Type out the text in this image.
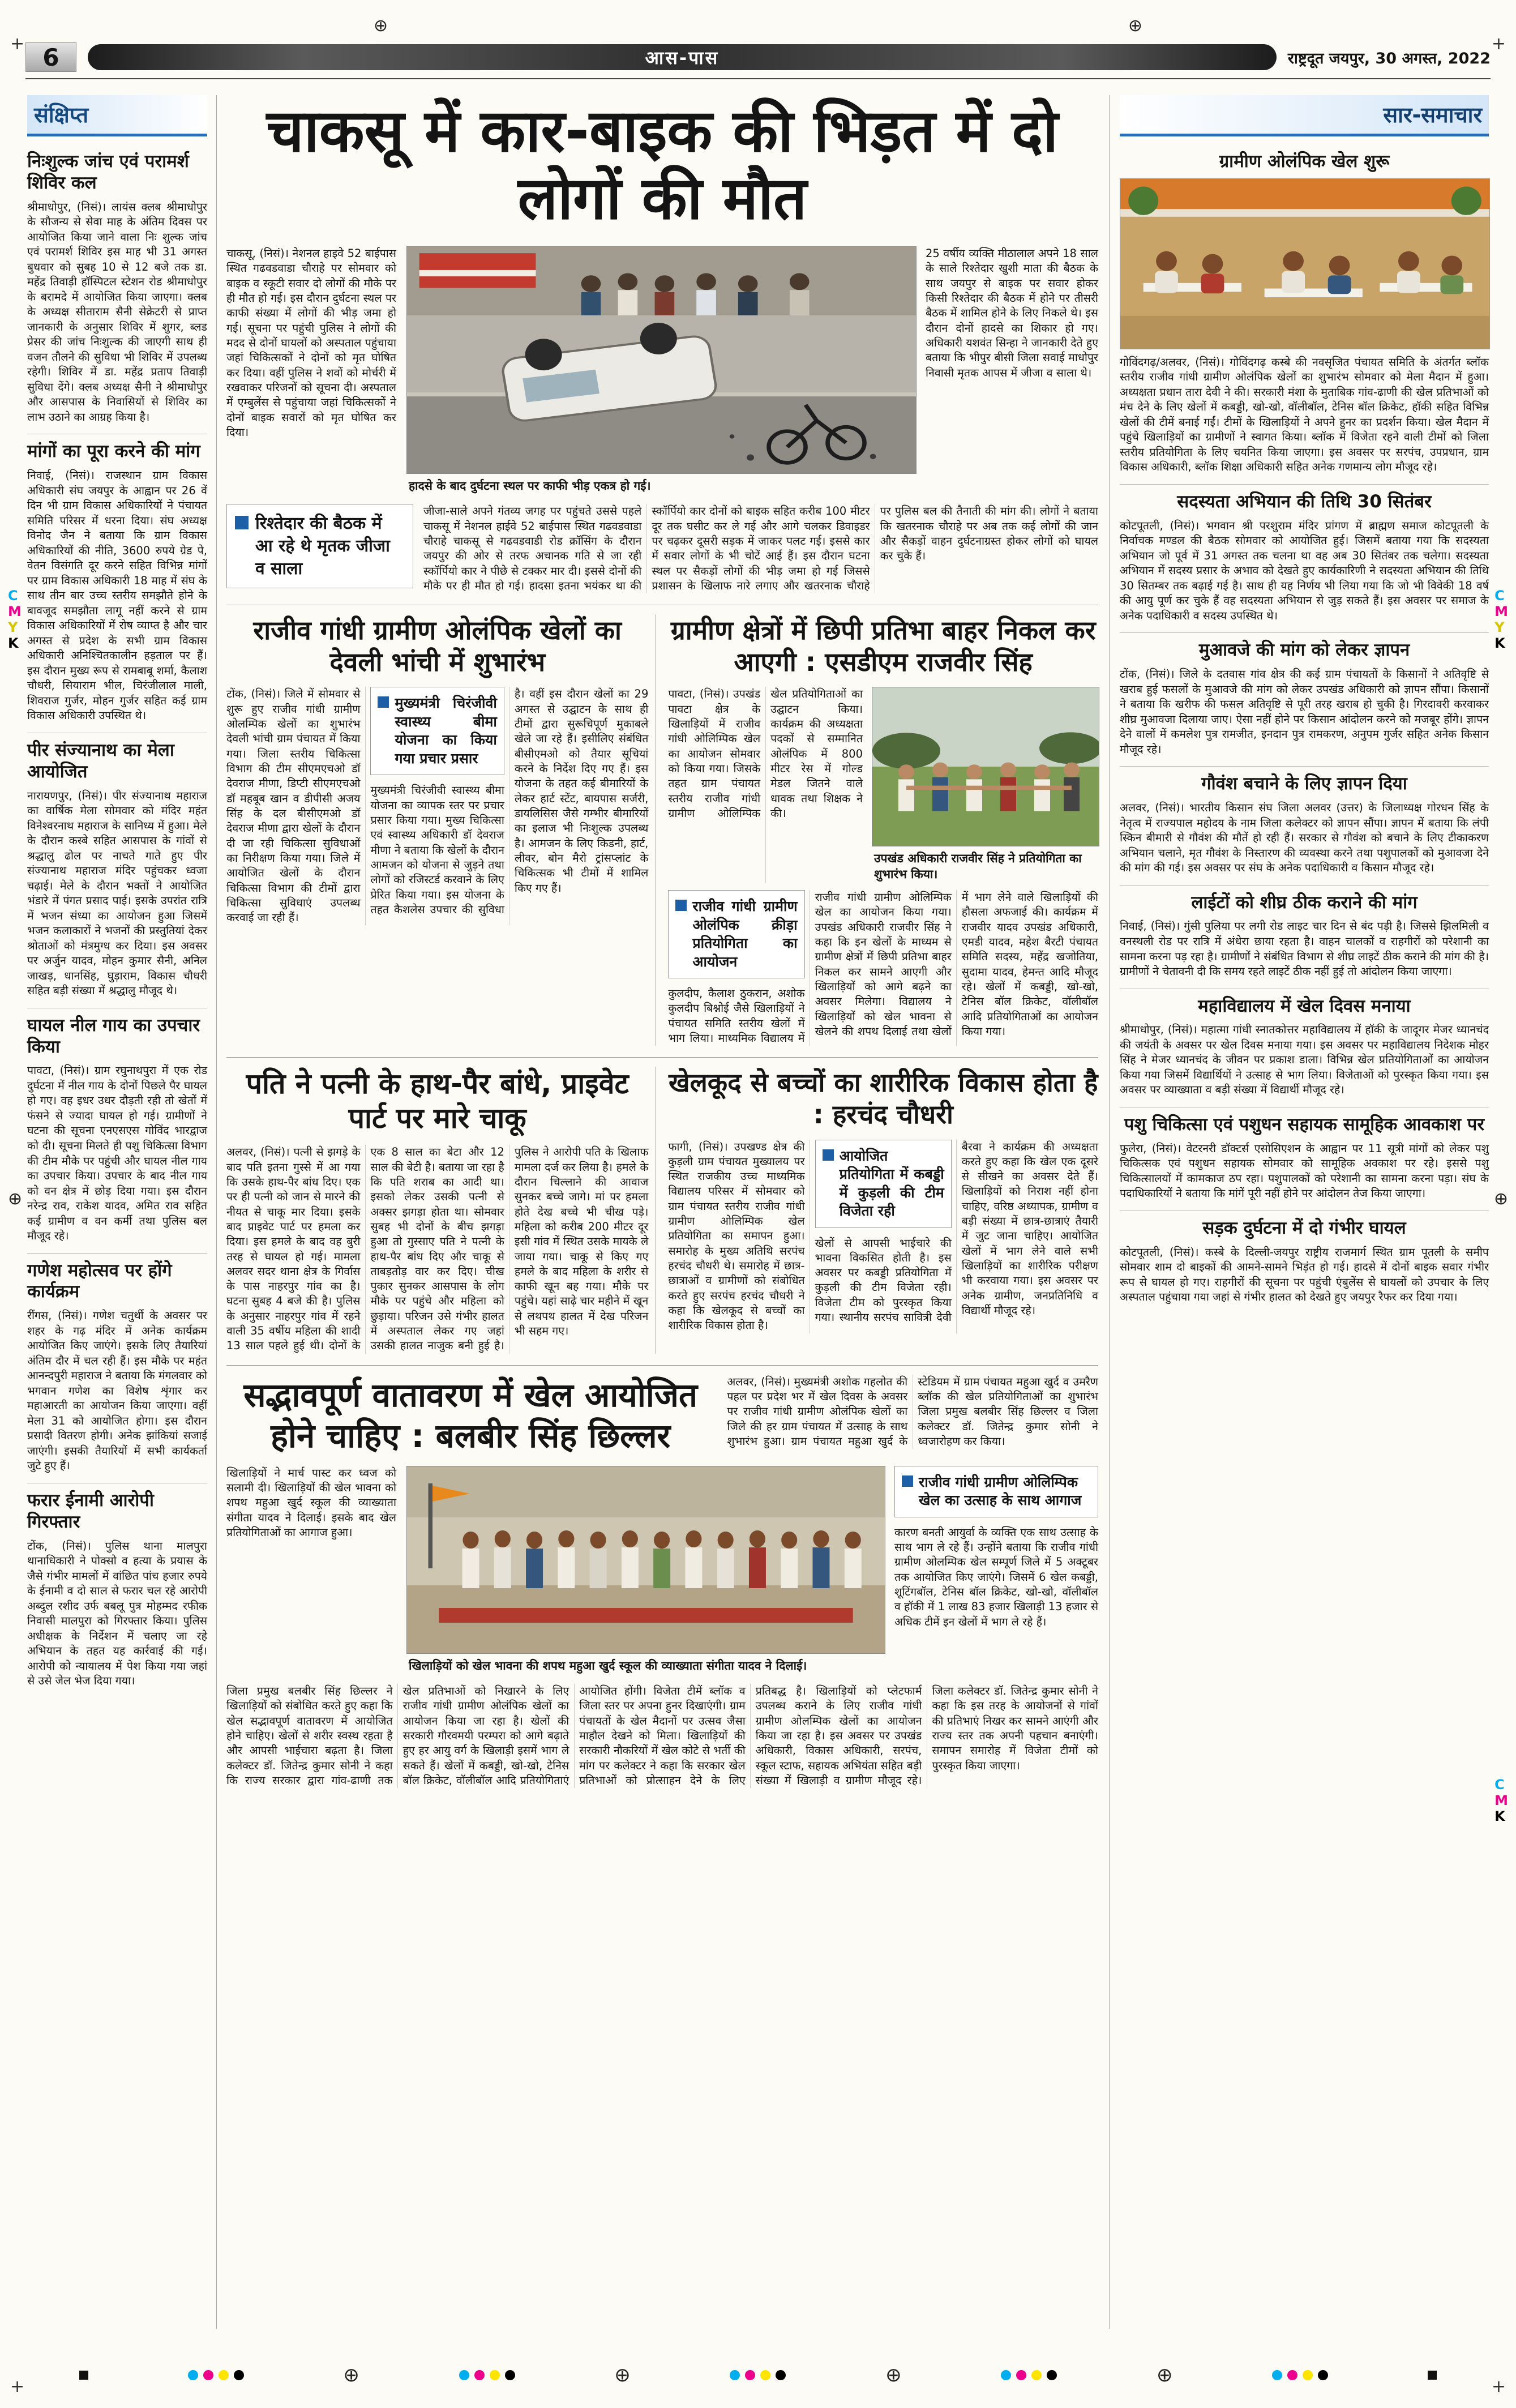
+	+
+	+
⊕	⊕
C
M
Y
K
C
M
Y
K
⊕	⊕
C
M
K
6	आस-पास	राष्ट्रदूत जयपुर, 30 अगस्त, 2022
संक्षिप्त
निःशुल्क जांच एवं परामर्श शिविर कल

श्रीमाधोपुर, (निसं)। लायंस क्लब श्रीमाधोपुर के सौजन्य से सेवा माह के अंतिम दिवस पर आयोजित किया जाने वाला निः शुल्क जांच एवं परामर्श शिविर इस माह भी 31 अगस्त बुधवार को सुबह 10 से 12 बजे तक डा. महेंद्र तिवाड़ी हॉस्पिटल स्टेशन रोड श्रीमाधोपुर के बरामदे में आयोजित किया जाएगा। क्लब के अध्यक्ष सीताराम सैनी सेक्रेटरी से प्राप्त जानकारी के अनुसार शिविर में शुगर, ब्लड प्रेसर की जांच निःशुल्क की जाएगी साथ ही वजन तौलने की सुविधा भी शिविर में उपलब्ध रहेगी। शिविर में डा. महेंद्र प्रताप तिवाड़ी सुविधा देंगे। क्लब अध्यक्ष सैनी ने श्रीमाधोपुर और आसपास के निवासियों से शिविर का लाभ उठाने का आग्रह किया है।

मांगों का पूरा करने की मांग

निवाई, (निसं)। राजस्थान ग्राम विकास अधिकारी संघ जयपुर के आह्वान पर 26 वें दिन भी ग्राम विकास अधिकारियों ने पंचायत समिति परिसर में धरना दिया। संघ अध्यक्ष विनोद जैन ने बताया कि ग्राम विकास अधिकारियों की नीति, 3600 रुपये ग्रेड पे, वेतन विसंगति दूर करने सहित विभिन्न मांगों पर ग्राम विकास अधिकारी 18 माह में संघ के साथ तीन बार उच्च स्तरीय समझौते होने के बावजूद समझौता लागू नहीं करने से ग्राम विकास अधिकारियों में रोष व्याप्त है और चार अगस्त से प्रदेश के सभी ग्राम विकास अधिकारी अनिश्चितकालीन हड़ताल पर हैं। इस दौरान मुख्य रूप से रामबाबू शर्मा, कैलाश चौधरी, सियाराम भील, चिरंजीलाल माली, शिवराज गुर्जर, मोहन गुर्जर सहित कई ग्राम विकास अधिकारी उपस्थित थे।

पीर संज्यानाथ का मेला आयोजित

नारायणपुर, (निसं)। पीर संज्यानाथ महाराज का वार्षिक मेला सोमवार को मंदिर महंत विनेश्वरनाथ महाराज के सानिध्य में हुआ। मेले के दौरान कस्बे सहित आसपास के गांवों से श्रद्धालु ढोल पर नाचते गाते हुए पीर संज्यानाथ महाराज मंदिर पहुंचकर ध्वजा चढ़ाई। मेले के दौरान भक्तों ने आयोजित भंडारे में पंगत प्रसाद पाई। इसके उपरांत रात्रि में भजन संध्या का आयोजन हुआ जिसमें भजन कलाकारों ने भजनों की प्रस्तुतियां देकर श्रोताओं को मंत्रमुग्ध कर दिया। इस अवसर पर अर्जुन यादव, मोहन कुमार सैनी, अनिल जाखड़, धानसिंह, घुड़ाराम, विकास चौधरी सहित बड़ी संख्या में श्रद्धालु मौजूद थे।

घायल नील गाय का उपचार किया

पावटा, (निसं)। ग्राम रघुनाथपुरा में एक रोड दुर्घटना में नील गाय के दोनों पिछले पैर घायल हो गए। वह इधर उधर दौड़ती रही तो खेतों में फंसने से ज्यादा घायल हो गई। ग्रामीणों ने घटना की सूचना एनएसएस गोविंद भारद्वाज को दी। सूचना मिलते ही पशु चिकित्सा विभाग की टीम मौके पर पहुंची और घायल नील गाय का उपचार किया। उपचार के बाद नील गाय को वन क्षेत्र में छोड़ दिया गया। इस दौरान नरेन्द्र राव, राकेश यादव, अमित राव सहित कई ग्रामीण व वन कर्मी तथा पुलिस बल मौजूद रहे।

गणेश महोत्सव पर होंगे कार्यक्रम

रींगस, (निसं)। गणेश चतुर्थी के अवसर पर शहर के गढ़ मंदिर में अनेक कार्यक्रम आयोजित किए जाएंगे। इसके लिए तैयारियां अंतिम दौर में चल रही हैं। इस मौके पर महंत आनन्दपुरी महाराज ने बताया कि मंगलवार को भगवान गणेश का विशेष शृंगार कर महाआरती का आयोजन किया जाएगा। वहीं मेला 31 को आयोजित होगा। इस दौरान प्रसादी वितरण होगी। अनेक झांकियां सजाई जाएंगी। इसकी तैयारियों में सभी कार्यकर्ता जुटे हुए हैं।

फरार ईनामी आरोपी गिरफ्तार

टोंक, (निसं)। पुलिस थाना मालपुरा थानाधिकारी ने पोक्सो व हत्या के प्रयास के जैसे गंभीर मामलों में वांछित पांच हजार रुपये के ईनामी व दो साल से फरार चल रहे आरोपी अब्दुल रशीद उर्फ बबलू पुत्र मोहम्मद रफीक निवासी मालपुरा को गिरफ्तार किया। पुलिस अधीक्षक के निर्देशन में चलाए जा रहे अभियान के तहत यह कार्रवाई की गई। आरोपी को न्यायालय में पेश किया गया जहां से उसे जेल भेज दिया गया।

सार-समाचार
ग्रामीण ओलंपिक खेल शुरू

गोविंदगढ़/अलवर, (निसं)। गोविंदगढ़ कस्बे की नवसृजित पंचायत समिति के अंतर्गत ब्लॉक स्तरीय राजीव गांधी ग्रामीण ओलंपिक खेलों का शुभारंभ सोमवार को मेला मैदान में हुआ। अध्यक्षता प्रधान तारा देवी ने की। सरकारी मंशा के मुताबिक गांव-ढाणी की खेल प्रतिभाओं को मंच देने के लिए खेलों में कबड्डी, खो-खो, वॉलीबॉल, टेनिस बॉल क्रिकेट, हॉकी सहित विभिन्न खेलों की टीमें बनाई गईं। टीमों के खिलाड़ियों ने अपने हुनर का प्रदर्शन किया। खेल मैदान में पहुंचे खिलाड़ियों का ग्रामीणों ने स्वागत किया। ब्लॉक में विजेता रहने वाली टीमों को जिला स्तरीय प्रतियोगिता के लिए चयनित किया जाएगा। इस अवसर पर सरपंच, उपप्रधान, ग्राम विकास अधिकारी, ब्लॉक शिक्षा अधिकारी सहित अनेक गणमान्य लोग मौजूद रहे।

सदस्यता अभियान की तिथि 30 सितंबर

कोटपूतली, (निसं)। भगवान श्री परशुराम मंदिर प्रांगण में ब्राह्मण समाज कोटपूतली के निर्वाचक मण्डल की बैठक सोमवार को आयोजित हुई। जिसमें बताया गया कि सदस्यता अभियान जो पूर्व में 31 अगस्त तक चलना था वह अब 30 सितंबर तक चलेगा। सदस्यता अभियान में सदस्य प्रसार के अभाव को देखते हुए कार्यकारिणी ने सदस्यता अभियान की तिथि 30 सितम्बर तक बढ़ाई गई है। साथ ही यह निर्णय भी लिया गया कि जो भी विवेकी 18 वर्ष की आयु पूर्ण कर चुके हैं वह सदस्यता अभियान से जुड़ सकते हैं। इस अवसर पर समाज के अनेक पदाधिकारी व सदस्य उपस्थित थे।

मुआवजे की मांग को लेकर ज्ञापन

टोंक, (निसं)। जिले के दतवास गांव क्षेत्र की कई ग्राम पंचायतों के किसानों ने अतिवृष्टि से खराब हुई फसलों के मुआवजे की मांग को लेकर उपखंड अधिकारी को ज्ञापन सौंपा। किसानों ने बताया कि खरीफ की फसल अतिवृष्टि से पूरी तरह खराब हो चुकी है। गिरदावरी करवाकर शीघ्र मुआवजा दिलाया जाए। ऐसा नहीं होने पर किसान आंदोलन करने को मजबूर होंगे। ज्ञापन देने वालों में कमलेश पुत्र रामजीत, इनदान पुत्र रामकरण, अनुपम गुर्जर सहित अनेक किसान मौजूद रहे।

गौवंश बचाने के लिए ज्ञापन दिया

अलवर, (निसं)। भारतीय किसान संघ जिला अलवर (उत्तर) के जिलाध्यक्ष गोरधन सिंह के नेतृत्व में राज्यपाल महोदय के नाम जिला कलेक्टर को ज्ञापन सौंपा। ज्ञापन में बताया कि लंपी स्किन बीमारी से गौवंश की मौतें हो रही हैं। सरकार से गौवंश को बचाने के लिए टीकाकरण अभियान चलाने, मृत गौवंश के निस्तारण की व्यवस्था करने तथा पशुपालकों को मुआवजा देने की मांग की गई। इस अवसर पर संघ के अनेक पदाधिकारी व किसान मौजूद रहे।

लाईटों को शीघ्र ठीक कराने की मांग

निवाई, (निसं)। गुंसी पुलिया पर लगी रोड लाइट चार दिन से बंद पड़ी है। जिससे झिलमिली व वनस्थली रोड पर रात्रि में अंधेरा छाया रहता है। वाहन चालकों व राहगीरों को परेशानी का सामना करना पड़ रहा है। ग्रामीणों ने संबंधित विभाग से शीघ्र लाइटें ठीक कराने की मांग की है। ग्रामीणों ने चेतावनी दी कि समय रहते लाइटें ठीक नहीं हुई तो आंदोलन किया जाएगा।

महाविद्यालय में खेल दिवस मनाया

श्रीमाधोपुर, (निसं)। महात्मा गांधी स्नातकोत्तर महाविद्यालय में हॉकी के जादूगर मेजर ध्यानचंद की जयंती के अवसर पर खेल दिवस मनाया गया। इस अवसर पर महाविद्यालय निदेशक मोहर सिंह ने मेजर ध्यानचंद के जीवन पर प्रकाश डाला। विभिन्न खेल प्रतियोगिताओं का आयोजन किया गया जिसमें विद्यार्थियों ने उत्साह से भाग लिया। विजेताओं को पुरस्कृत किया गया। इस अवसर पर व्याख्याता व बड़ी संख्या में विद्यार्थी मौजूद रहे।

पशु चिकित्सा एवं पशुधन सहायक सामूहिक आवकाश पर

फुलेरा, (निसं)। वेटरनरी डॉक्टर्स एसोसिएशन के आह्वान पर 11 सूत्री मांगों को लेकर पशु चिकित्सक एवं पशुधन सहायक सोमवार को सामूहिक अवकाश पर रहे। इससे पशु चिकित्सालयों में कामकाज ठप रहा। पशुपालकों को परेशानी का सामना करना पड़ा। संघ के पदाधिकारियों ने बताया कि मांगें पूरी नहीं होने पर आंदोलन तेज किया जाएगा।

सड़क दुर्घटना में दो गंभीर घायल

कोटपूतली, (निसं)। कस्बे के दिल्ली-जयपुर राष्ट्रीय राजमार्ग स्थित ग्राम पूतली के समीप सोमवार शाम दो बाइकों की आमने-सामने भिड़ंत हो गई। हादसे में दोनों बाइक सवार गंभीर रूप से घायल हो गए। राहगीरों की सूचना पर पहुंची एंबुलेंस से घायलों को उपचार के लिए अस्पताल पहुंचाया गया जहां से गंभीर हालत को देखते हुए जयपुर रैफर कर दिया गया।

चाकसू में कार-बाइक की भिड़त में दो लोगों की मौत
चाकसू, (निसं)। नेशनल हाइवे 52 बाईपास स्थित गढवडवाडा चौराहे पर सोमवार को बाइक व स्कूटी सवार दो लोगों की मौके पर ही मौत हो गई। इस दौरान दुर्घटना स्थल पर काफी संख्या में लोगों की भीड़ जमा हो गई। सूचना पर पहुंची पुलिस ने लोगों की मदद से दोनों घायलों को अस्पताल पहुंचाया जहां चिकित्सकों ने दोनों को मृत घोषित कर दिया। वहीं पुलिस ने शवों को मोर्चरी में रखवाकर परिजनों को सूचना दी। अस्पताल में एम्बुलेंस से पहुंचाया जहां चिकित्सकों ने दोनों बाइक सवारों को मृत घोषित कर दिया।
हादसे के बाद दुर्घटना स्थल पर काफी भीड़ एकत्र हो गई।
25 वर्षीय व्यक्ति मीठालाल अपने 18 साल के साले रिश्तेदार खुशी माता की बैठक के साथ जयपुर से बाइक पर सवार होकर किसी रिश्तेदार की बैठक में होने पर तीसरी बैठक में शामिल होने के लिए निकले थे। इस दौरान दोनों हादसे का शिकार हो गए। अधिकारी यशवंत सिन्हा ने जानकारी देते हुए बताया कि भीपुर बीसी जिला सवाई माधोपुर निवासी मृतक आपस में जीजा व साला थे।
रिश्तेदार की बैठक में आ रहे थे मृतक जीजा व साला
जीजा-साले अपने गंतव्य जगह पर पहुंचते उससे पहले चाकसू में नेशनल हाईवे 52 बाईपास स्थित गढवडवाडा चौराहे चाकसू से गढवडवाडी रोड क्रॉसिंग के दौरान जयपुर की ओर से तरफ अचानक गति से जा रही स्कॉर्पियो कार ने पीछे से टक्कर मार दी। इससे दोनों की मौके पर ही मौत हो गई। हादसा इतना भयंकर था की स्कॉर्पियो कार दोनों को बाइक सहित करीब 100 मीटर दूर तक घसीट कर ले गई और आगे चलकर डिवाइडर पर चढ़कर दूसरी सड़क में जाकर पलट गई। इससे कार में सवार लोगों के भी चोटें आई हैं। इस दौरान घटना स्थल पर सैकड़ों लोगों की भीड़ जमा हो गई जिससे प्रशासन के खिलाफ नारे लगाए और खतरनाक चौराहे पर पुलिस बल की तैनाती की मांग की। लोगों ने बताया कि खतरनाक चौराहे पर अब तक कई लोगों की जान और सैकड़ों वाहन दुर्घटनाग्रस्त होकर लोगों को घायल कर चुके हैं।
राजीव गांधी ग्रामीण ओलंपिक खेलों का देवली भांची में शुभारंभ
टोंक, (निसं)। जिले में सोमवार से शुरू हुए राजीव गांधी ग्रामीण ओलम्पिक खेलों का शुभारंभ देवली भांची ग्राम पंचायत में किया गया। जिला स्तरीय चिकित्सा विभाग की टीम सीएमएचओ डॉ देवराज मीणा, डिप्टी सीएमएचओ डॉ महबूब खान व डीपीसी अजय सिंह के दल बीसीएमओ डॉ देवराज मीणा द्वारा खेलों के दौरान दी जा रही चिकित्सा सुविधाओं का निरीक्षण किया गया। जिले में आयोजित खेलों के दौरान चिकित्सा विभाग की टीमों द्वारा चिकित्सा सुविधाएं उपलब्ध करवाई जा रही हैं।
मुख्यमंत्री चिरंजीवी स्वास्थ्य बीमा योजना का किया गया प्रचार प्रसार
मुख्यमंत्री चिरंजीवी स्वास्थ्य बीमा योजना का व्यापक स्तर पर प्रचार प्रसार किया गया। मुख्य चिकित्सा एवं स्वास्थ्य अधिकारी डॉ देवराज मीणा ने बताया कि खेलों के दौरान आमजन को योजना से जुड़ने तथा लोगों को रजिस्टर्ड करवाने के लिए प्रेरित किया गया। इस योजना के तहत कैशलेस उपचार की सुविधा है। वहीं इस दौरान खेलों का 29 अगस्त से उद्घाटन के साथ ही टीमों द्वारा सुरूचिपूर्ण मुकाबले खेले जा रहे हैं। इसीलिए संबंधित बीसीएमओ को तैयार सूचियां करने के निर्देश दिए गए हैं। इस योजना के तहत कई बीमारियों के लेकर हार्ट स्टेंट, बायपास सर्जरी, डायलिसिस जैसे गम्भीर बीमारियों का इलाज भी निःशुल्क उपलब्ध है। आमजन के लिए किडनी, हार्ट, लीवर, बोन मैरो ट्रांसप्लांट के चिकित्सक भी टीमों में शामिल किए गए हैं।
ग्रामीण क्षेत्रों में छिपी प्रतिभा बाहर निकल कर आएगी : एसडीएम राजवीर सिंह
पावटा, (निसं)। उपखंड पावटा क्षेत्र के खिलाड़ियों में राजीव गांधी ओलिम्पिक खेल का आयोजन सोमवार को किया गया। जिसके तहत ग्राम पंचायत स्तरीय राजीव गांधी ग्रामीण ओलिम्पिक खेल प्रतियोगिताओं का उद्घाटन किया। कार्यक्रम की अध्यक्षता पदकों से सम्मानित ओलंपिक में 800 मीटर रेस में गोल्ड मेडल जितने वाले धावक तथा शिक्षक ने की।
उपखंड अधिकारी राजवीर सिंह ने प्रतियोगिता का शुभारंभ किया।
राजीव गांधी ग्रामीण ओलंपिक क्रीड़ा प्रतियोगिता का आयोजन
कुलदीप, कैलाश ठुकरान, अशोक कुलदीप बिश्नोई जैसे खिलाड़ियों ने पंचायत समिति स्तरीय खेलों में भाग लिया। माध्यमिक विद्यालय में राजीव गांधी ग्रामीण ओलिम्पिक खेल का आयोजन किया गया। उपखंड अधिकारी राजवीर सिंह ने कहा कि इन खेलों के माध्यम से ग्रामीण क्षेत्रों में छिपी प्रतिभा बाहर निकल कर सामने आएगी और खिलाड़ियों को आगे बढ़ने का अवसर मिलेगा। विद्यालय ने खिलाड़ियों को खेल भावना से खेलने की शपथ दिलाई तथा खेलों में भाग लेने वाले खिलाड़ियों की हौसला अफजाई की। कार्यक्रम में राजवीर यादव उपखंड अधिकारी, एमडी यादव, महेश बैरटी पंचायत समिति सदस्य, महेंद्र खजोतिया, सुदामा यादव, हेमन्त आदि मौजूद रहे। खेलों में कबड्डी, खो-खो, टेनिस बॉल क्रिकेट, वॉलीबॉल आदि प्रतियोगिताओं का आयोजन किया गया।
पति ने पत्नी के हाथ-पैर बांधे, प्राइवेट पार्ट पर मारे चाकू
अलवर, (निसं)। पत्नी से झगड़े के बाद पति इतना गुस्से में आ गया कि उसके हाथ-पैर बांध दिए। एक पर ही पत्नी को जान से मारने की नीयत से चाकू मार दिया। इसके बाद प्राइवेट पार्ट पर हमला कर दिया। इस हमले के बाद वह बुरी तरह से घायल हो गई। मामला अलवर सदर थाना क्षेत्र के गिर्वास के पास नाहरपुर गांव का है। घटना सुबह 4 बजे की है। पुलिस के अनुसार नाहरपुर गांव में रहने वाली 35 वर्षीय महिला की शादी 13 साल पहले हुई थी। दोनों के एक 8 साल का बेटा और 12 साल की बेटी है। बताया जा रहा है कि पति शराब का आदी था। इसको लेकर उसकी पत्नी से अक्सर झगड़ा होता था। सोमवार सुबह भी दोनों के बीच झगड़ा हुआ तो गुस्साए पति ने पत्नी के हाथ-पैर बांध दिए और चाकू से ताबड़तोड़ वार कर दिए। चीख पुकार सुनकर आसपास के लोग मौके पर पहुंचे और महिला को छुड़ाया। परिजन उसे गंभीर हालत में अस्पताल लेकर गए जहां उसकी हालत नाजुक बनी हुई है। पुलिस ने आरोपी पति के खिलाफ मामला दर्ज कर लिया है। हमले के दौरान चिल्लाने की आवाज सुनकर बच्चे जागे। मां पर हमला होते देख बच्चे भी चीख पड़े। महिला को करीब 200 मीटर दूर इसी गांव में स्थित उसके मायके ले जाया गया। चाकू से किए गए हमले के बाद महिला के शरीर से काफी खून बह गया। मौके पर पहुंचे। यहां साढ़े चार महीने में खून से लथपथ हालत में देख परिजन भी सहम गए।
खेलकूद से बच्चों का शारीरिक विकास होता है : हरचंद चौधरी
फागी, (निसं)। उपखण्ड क्षेत्र की कुड़ली ग्राम पंचायत मुख्यालय पर स्थित राजकीय उच्च माध्यमिक विद्यालय परिसर में सोमवार को ग्राम पंचायत स्तरीय राजीव गांधी ग्रामीण ओलिम्पिक खेल प्रतियोगिता का समापन हुआ। समारोह के मुख्य अतिथि सरपंच हरचंद चौधरी थे। समारोह में छात्र-छात्राओं व ग्रामीणों को संबोधित करते हुए सरपंच हरचंद चौधरी ने कहा कि खेलकूद से बच्चों का शारीरिक विकास होता है।
आयोजित प्रतियोगिता में कबड्डी में कुड़ली की टीम विजेता रही
खेलों से आपसी भाईचारे की भावना विकसित होती है। इस अवसर पर कबड्डी प्रतियोगिता में कुड़ली की टीम विजेता रही। विजेता टीम को पुरस्कृत किया गया। स्थानीय सरपंच सावित्री देवी बैरवा ने कार्यक्रम की अध्यक्षता करते हुए कहा कि खेल एक दूसरे से सीखने का अवसर देते हैं। खिलाड़ियों को निराश नहीं होना चाहिए, वरिष्ठ अध्यापक, ग्रामीण व बड़ी संख्या में छात्र-छात्राएं तैयारी में जुट जाना चाहिए। आयोजित खेलों में भाग लेने वाले सभी खिलाड़ियों का शारीरिक परीक्षण भी करवाया गया। इस अवसर पर अनेक ग्रामीण, जनप्रतिनिधि व विद्यार्थी मौजूद रहे।
सद्भावपूर्ण वातावरण में खेल आयोजित होने चाहिए : बलबीर सिंह छिल्लर
अलवर, (निसं)। मुख्यमंत्री अशोक गहलोत की पहल पर प्रदेश भर में खेल दिवस के अवसर पर राजीव गांधी ग्रामीण ओलंपिक खेलों का जिले की हर ग्राम पंचायत में उत्साह के साथ शुभारंभ हुआ। ग्राम पंचायत महुआ खुर्द के स्टेडियम में ग्राम पंचायत महुआ खुर्द व उमरैण ब्लॉक की खेल प्रतियोगिताओं का शुभारंभ जिला प्रमुख बलबीर सिंह छिल्लर व जिला कलेक्टर डॉ. जितेन्द्र कुमार सोनी ने ध्वजारोहण कर किया।
खिलाड़ियों ने मार्च पास्ट कर ध्वज को सलामी दी। खिलाड़ियों की खेल भावना को शपथ महुआ खुर्द स्कूल की व्याख्याता संगीता यादव ने दिलाई। इसके बाद खेल प्रतियोगिताओं का आगाज हुआ।
खिलाड़ियों को खेल भावना की शपथ महुआ खुर्द स्कूल की व्याख्याता संगीता यादव ने दिलाई।
राजीव गांधी ग्रामीण ओलिम्पिक खेल का उत्साह के साथ आगाज
कारण बनती आयुर्वा के व्यक्ति एक साथ उत्साह के साथ भाग ले रहे हैं। उन्होंने बताया कि राजीव गांधी ग्रामीण ओलम्पिक खेल सम्पूर्ण जिले में 5 अक्टूबर तक आयोजित किए जाएंगे। जिसमें 6 खेल कबड्डी, शूटिंगबॉल, टेनिस बॉल क्रिकेट, खो-खो, वॉलीबॉल व हॉकी में 1 लाख 83 हजार खिलाड़ी 13 हजार से अधिक टीमें इन खेलों में भाग ले रहे हैं।
जिला प्रमुख बलबीर सिंह छिल्लर ने खिलाड़ियों को संबोधित करते हुए कहा कि खेल सद्भावपूर्ण वातावरण में आयोजित होने चाहिए। खेलों से शरीर स्वस्थ रहता है और आपसी भाईचारा बढ़ता है। जिला कलेक्टर डॉ. जितेन्द्र कुमार सोनी ने कहा कि राज्य सरकार द्वारा गांव-ढाणी तक खेल प्रतिभाओं को निखारने के लिए राजीव गांधी ग्रामीण ओलंपिक खेलों का आयोजन किया जा रहा है। खेलों की सरकारी गौरवमयी परम्परा को आगे बढ़ाते हुए हर आयु वर्ग के खिलाड़ी इसमें भाग ले सकते हैं। खेलों में कबड्डी, खो-खो, टेनिस बॉल क्रिकेट, वॉलीबॉल आदि प्रतियोगिताएं आयोजित होंगी। विजेता टीमें ब्लॉक व जिला स्तर पर अपना हुनर दिखाएंगी। ग्राम पंचायतों के खेल मैदानों पर उत्सव जैसा माहौल देखने को मिला। खिलाड़ियों की सरकारी नौकरियों में खेल कोटे से भर्ती की मांग पर कलेक्टर ने कहा कि सरकार खेल प्रतिभाओं को प्रोत्साहन देने के लिए प्रतिबद्ध है। खिलाड़ियों को प्लेटफार्म उपलब्ध कराने के लिए राजीव गांधी ग्रामीण ओलम्पिक खेलों का आयोजन किया जा रहा है। इस अवसर पर उपखंड अधिकारी, विकास अधिकारी, सरपंच, स्कूल स्टाफ, सहायक अभियंता सहित बड़ी संख्या में खिलाड़ी व ग्रामीण मौजूद रहे। जिला कलेक्टर डॉ. जितेन्द्र कुमार सोनी ने कहा कि इस तरह के आयोजनों से गांवों की प्रतिभाएं निखर कर सामने आएंगी और राज्य स्तर तक अपनी पहचान बनाएंगी। समापन समारोह में विजेता टीमों को पुरस्कृत किया जाएगा।
⊕	⊕	⊕	⊕
